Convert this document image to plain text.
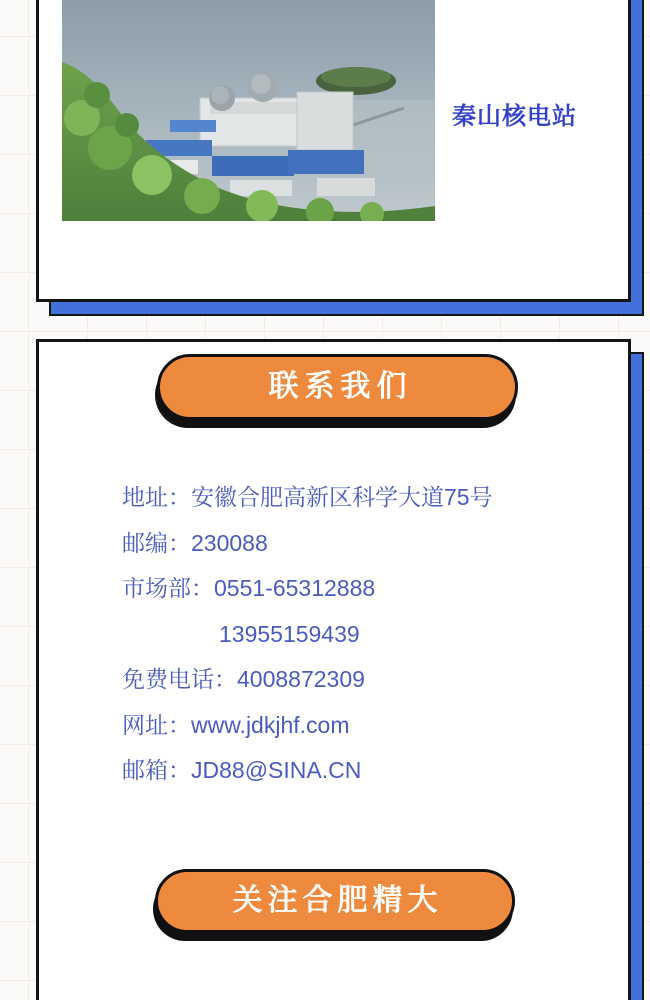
秦山核电站
联系我们
地址：安徽合肥高新区科学大道75号
邮编：230088
市场部：0551-65312888
13955159439
免费电话：4008872309
网址：www.jdkjhf.com
邮箱：JD88@SINA.CN
关注合肥精大
